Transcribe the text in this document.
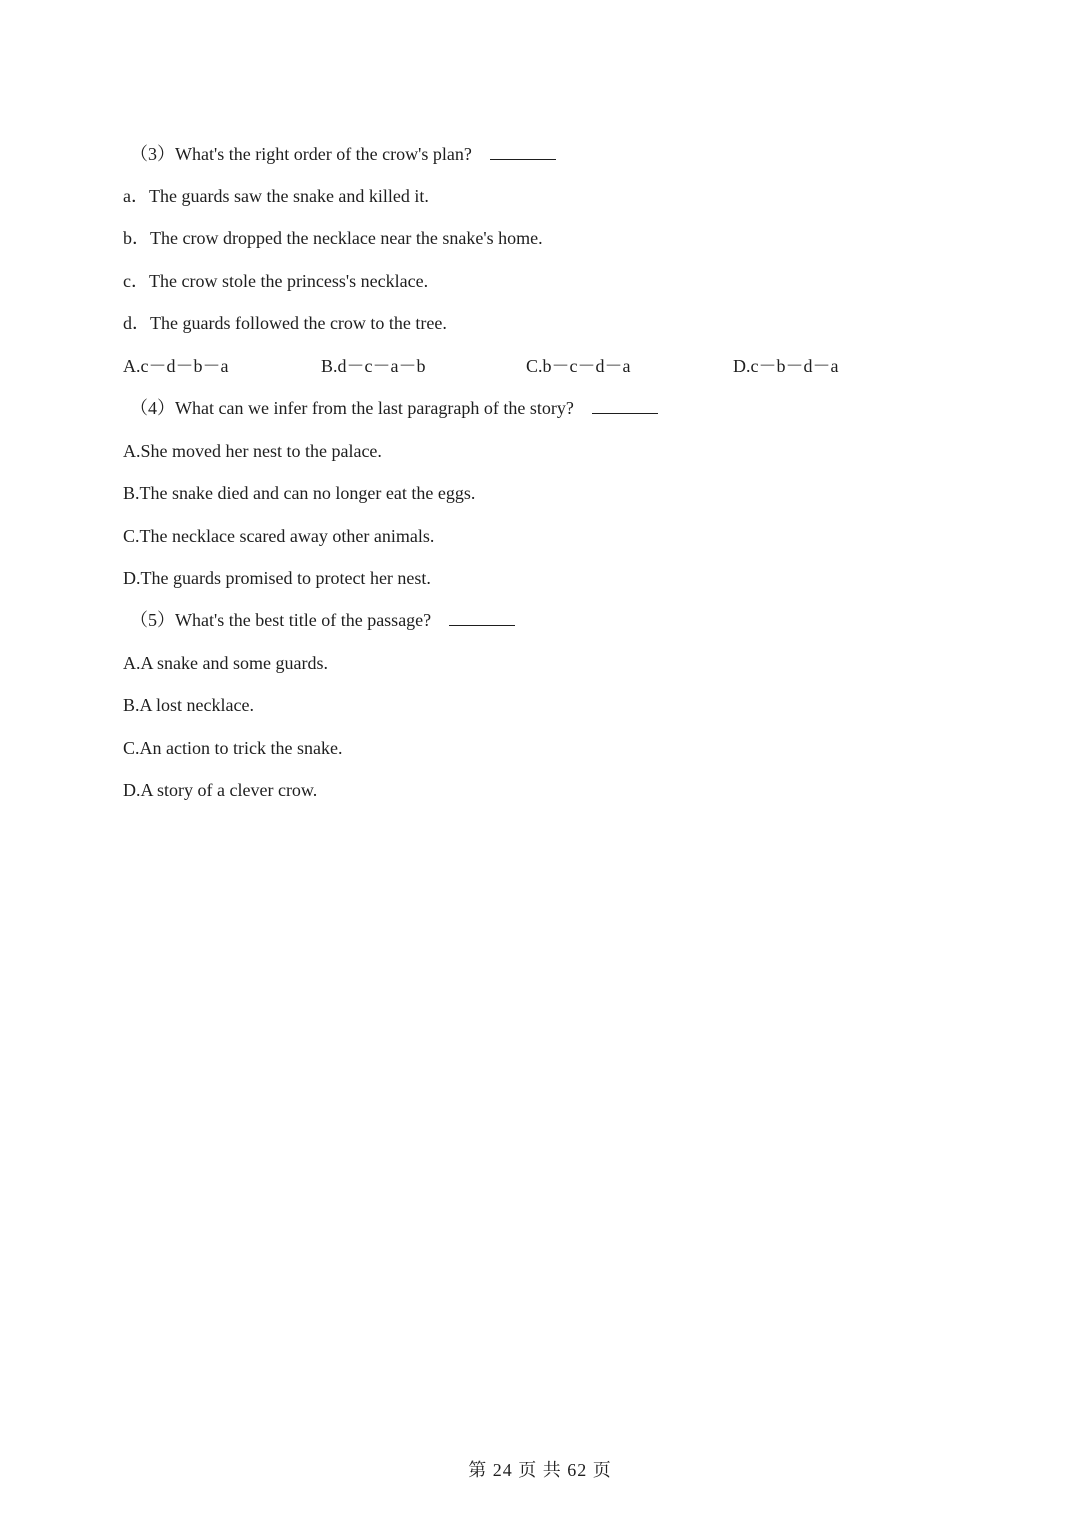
（3）What's the right order of the crow's plan?
a．The guards saw the snake and killed it.
b．The crow dropped the necklace near the snake's home.
c．The crow stole the princess's necklace.
d．The guards followed the crow to the tree.
A.c－d－b－a	B.d－c－a－b	C.b－c－d－a	D.c－b－d－a
（4）What can we infer from the last paragraph of the story?
A.She moved her nest to the palace.
B.The snake died and can no longer eat the eggs.
C.The necklace scared away other animals.
D.The guards promised to protect her nest.
（5）What's the best title of the passage?
A.A snake and some guards.
B.A lost necklace.
C.An action to trick the snake.
D.A story of a clever crow.
第 24 页 共 62 页
